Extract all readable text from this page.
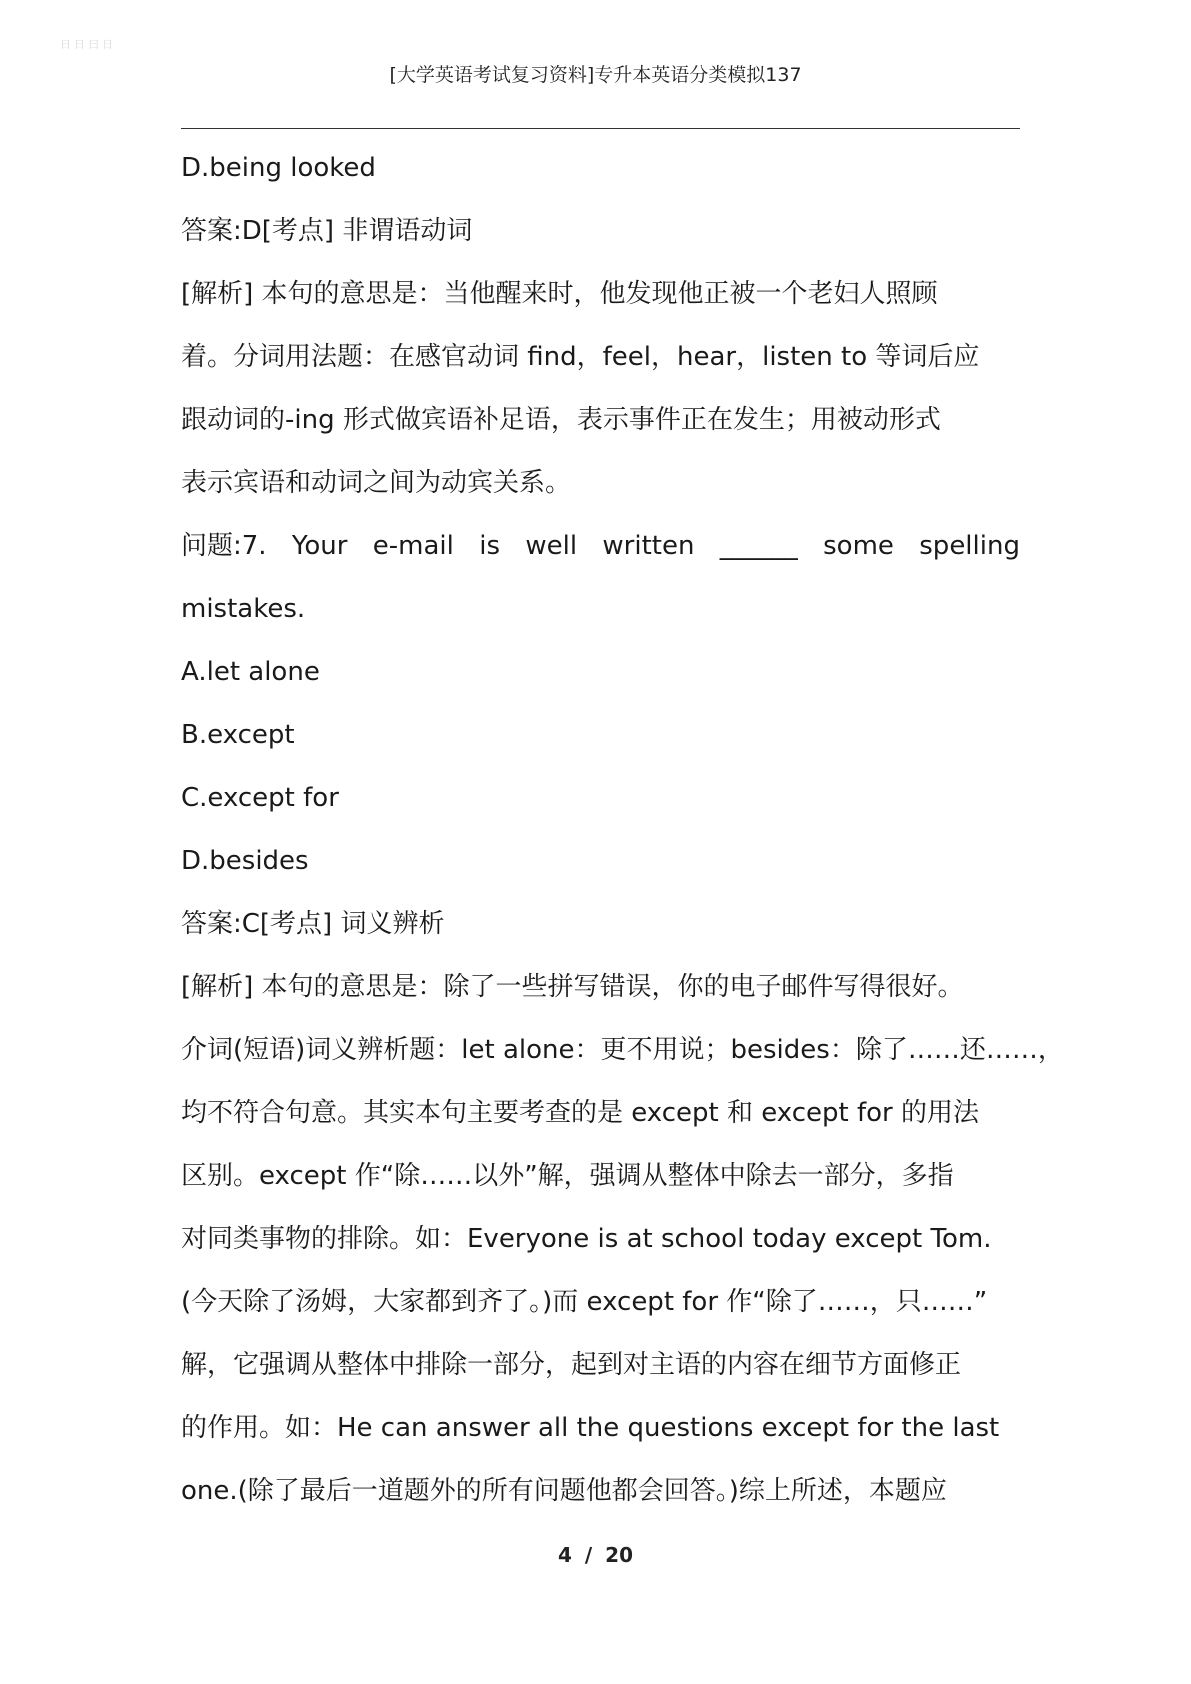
日 日 曰 日
[大学英语考试复习资料]专升本英语分类模拟137
D.being looked
答案:D[考点] 非谓语动词
[解析] 本句的意思是：当他醒来时，他发现他正被一个老妇人照顾
着。分词用法题：在感官动词 find，feel，hear，listen to 等词后应
跟动词的-ing 形式做宾语补足语，表示事件正在发生；用被动形式
表示宾语和动词之间为动宾关系。
问题:7. Your e-mail is well written ______ some spelling
mistakes.
A.let alone
B.except
C.except for
D.besides
答案:C[考点] 词义辨析
[解析] 本句的意思是：除了一些拼写错误，你的电子邮件写得很好。
介词(短语)词义辨析题：let alone：更不用说；besides：除了……还……，
均不符合句意。其实本句主要考查的是 except 和 except for 的用法
区别。except 作“除……以外”解，强调从整体中除去一部分，多指
对同类事物的排除。如：Everyone is at school today except Tom.
(今天除了汤姆，大家都到齐了。)而 except for 作“除了……，只……”
解，它强调从整体中排除一部分，起到对主语的内容在细节方面修正
的作用。如：He can answer all the questions except for the last
one.(除了最后一道题外的所有问题他都会回答。)综上所述，本题应
4 / 20
